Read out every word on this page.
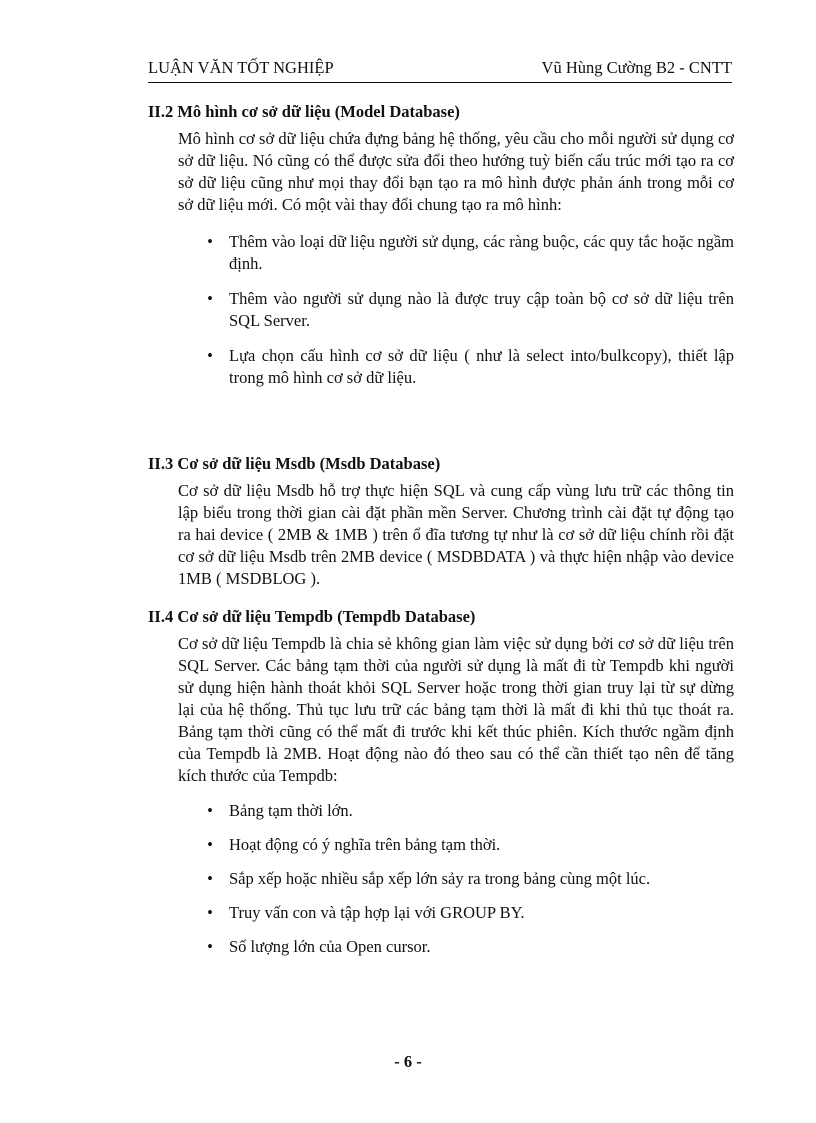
LUẬN VĂN TỐT NGHIỆP	Vũ Hùng Cường B2 - CNTT
II.2 Mô hình cơ sở dữ liệu (Model Database)

Mô hình cơ sở dữ liệu chứa đựng bảng hệ thống, yêu cầu cho mỗi người sử dụng cơ sở dữ liệu. Nó cũng có thể được sửa đổi theo hướng tuỳ biến cấu trúc mới tạo ra cơ sở dữ liệu cũng như mọi thay đổi bạn tạo ra mô hình được phản ánh trong mỗi cơ sở dữ liệu mới. Có một vài thay đổi chung tạo ra mô hình:

• Thêm vào loại dữ liệu người sử dụng, các ràng buộc, các quy tắc hoặc ngầm định.
• Thêm vào người sử dụng nào là được truy cập toàn bộ cơ sở dữ liệu trên SQL Server.
• Lựa chọn cấu hình cơ sở dữ liệu ( như là select into/bulkcopy), thiết lập trong mô hình cơ sở dữ liệu.
II.3 Cơ sở dữ liệu Msdb (Msdb Database)

Cơ sở dữ liệu Msdb hỗ trợ thực hiện SQL và cung cấp vùng lưu trữ các thông tin lập biểu trong thời gian cài đặt phần mền Server. Chương trình cài đặt tự động tạo ra hai device ( 2MB & 1MB ) trên ổ đĩa tương tự như là cơ sở dữ liệu chính rồi đặt cơ sở dữ liệu Msdb trên 2MB device ( MSDBDATA ) và thực hiện nhập vào device 1MB ( MSDBLOG ).

II.4 Cơ sở dữ liệu Tempdb (Tempdb Database)

Cơ sở dữ liệu Tempdb là chia sẻ không gian làm việc sử dụng bởi cơ sở dữ liệu trên SQL Server. Các bảng tạm thời của người sử dụng là mất đi từ Tempdb khi người sử dụng hiện hành thoát khỏi SQL Server hoặc trong thời gian truy lại từ sự dừng lại của hệ thống. Thủ tục lưu trữ các bảng tạm thời là mất đi khi thủ tục thoát ra. Bảng tạm thời cũng có thể mất đi trước khi kết thúc phiên. Kích thước ngầm định của Tempdb là 2MB. Hoạt động nào đó theo sau có thể cần thiết tạo nên để tăng kích thước của Tempdb:

• Bảng tạm thời lớn.
• Hoạt động có ý nghĩa trên bảng tạm thời.
• Sắp xếp hoặc nhiều sắp xếp lớn sảy ra trong bảng cùng một lúc.
• Truy vấn con và tập hợp lại với GROUP BY.
• Số lượng lớn của Open cursor.
- 6 -
